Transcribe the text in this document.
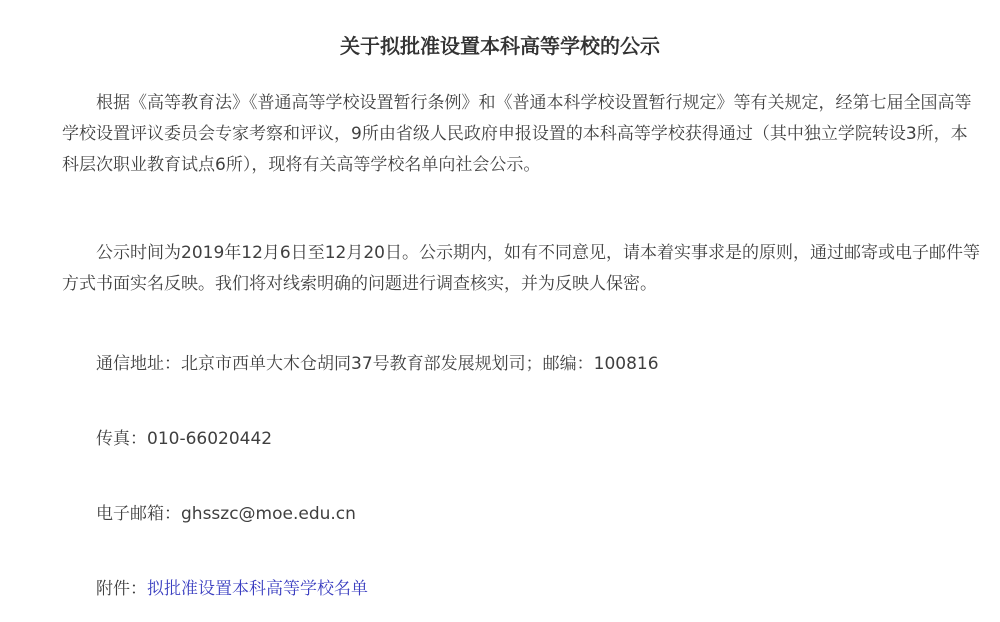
关于拟批准设置本科高等学校的公示

根据《高等教育法》《普通高等学校设置暂行条例》和《普通本科学校设置暂行规定》等有关规定，经第七届全国高等学校设置评议委员会专家考察和评议，9所由省级人民政府申报设置的本科高等学校获得通过（其中独立学院转设3所，本科层次职业教育试点6所），现将有关高等学校名单向社会公示。

公示时间为2019年12月6日至12月20日。公示期内，如有不同意见，请本着实事求是的原则，通过邮寄或电子邮件等方式书面实名反映。我们将对线索明确的问题进行调查核实，并为反映人保密。

通信地址：北京市西单大木仓胡同37号教育部发展规划司；邮编：100816

传真：010-66020442

电子邮箱：ghsszc@moe.edu.cn

附件：拟批准设置本科高等学校名单
